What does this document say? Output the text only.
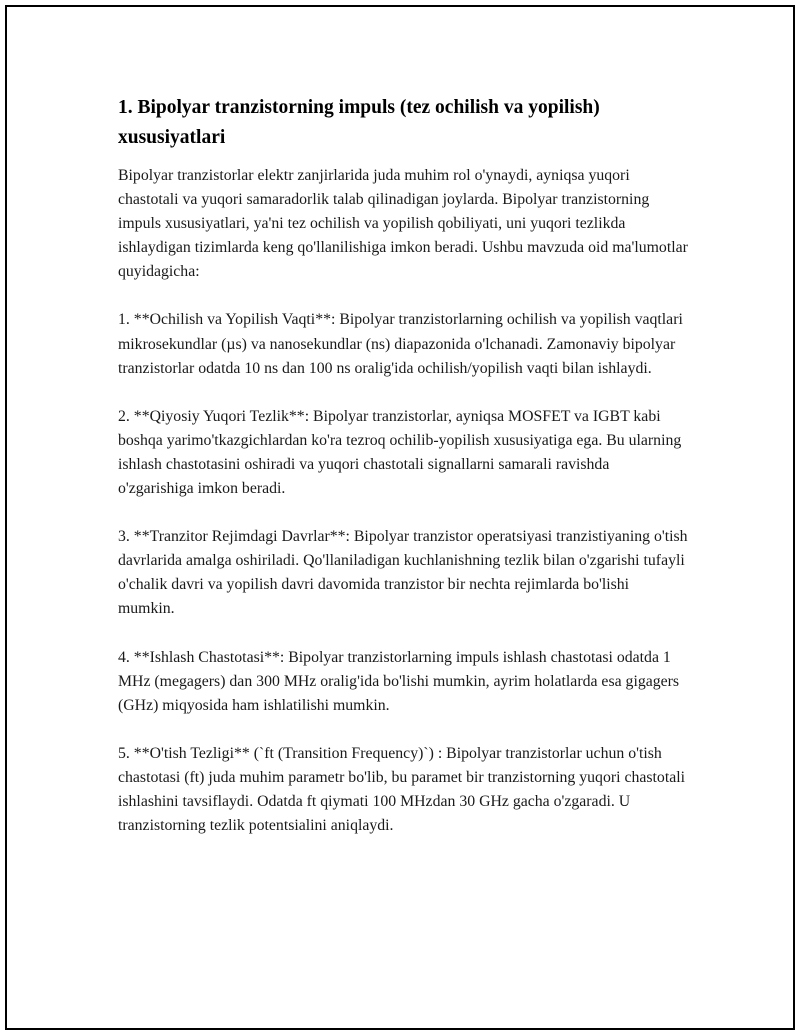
1. Bipolyar tranzistorning impuls (tez ochilish va yopilish) xususiyatlari

Bipolyar tranzistorlar elektr zanjirlarida juda muhim rol o'ynaydi, ayniqsa yuqori chastotali va yuqori samaradorlik talab qilinadigan joylarda. Bipolyar tranzistorning impuls xususiyatlari, ya'ni tez ochilish va yopilish qobiliyati, uni yuqori tezlikda ishlaydigan tizimlarda keng qo'llanilishiga imkon beradi. Ushbu mavzuda oid ma'lumotlar quyidagicha:

1. **Ochilish va Yopilish Vaqti**: Bipolyar tranzistorlarning ochilish va yopilish vaqtlari mikrosekundlar (µs) va nanosekundlar (ns) diapazonida o'lchanadi. Zamonaviy bipolyar tranzistorlar odatda 10 ns dan 100 ns oralig'ida ochilish/yopilish vaqti bilan ishlaydi.

2. **Qiyosiy Yuqori Tezlik**: Bipolyar tranzistorlar, ayniqsa MOSFET va IGBT kabi boshqa yarimo'tkazgichlardan ko'ra tezroq ochilib-yopilish xususiyatiga ega. Bu ularning ishlash chastotasini oshiradi va yuqori chastotali signallarni samarali ravishda o'zgarishiga imkon beradi.

3. **Tranzitor Rejimdagi Davrlar**: Bipolyar tranzistor operatsiyasi tranzistiyaning o'tish davrlarida amalga oshiriladi. Qo'llaniladigan kuchlanishning tezlik bilan o'zgarishi tufayli o'chalik davri va yopilish davri davomida tranzistor bir nechta rejimlarda bo'lishi mumkin.

4. **Ishlash Chastotasi**: Bipolyar tranzistorlarning impuls ishlash chastotasi odatda 1 MHz (megagers) dan 300 MHz oralig'ida bo'lishi mumkin, ayrim holatlarda esa gigagers (GHz) miqyosida ham ishlatilishi mumkin.

5. **O'tish Tezligi** (`ft (Transition Frequency)`) : Bipolyar tranzistorlar uchun o'tish chastotasi (ft) juda muhim parametr bo'lib, bu paramet bir tranzistorning yuqori chastotali ishlashini tavsiflaydi. Odatda ft qiymati 100 MHzdan 30 GHz gacha o'zgaradi. U tranzistorning tezlik potentsialini aniqlaydi.
